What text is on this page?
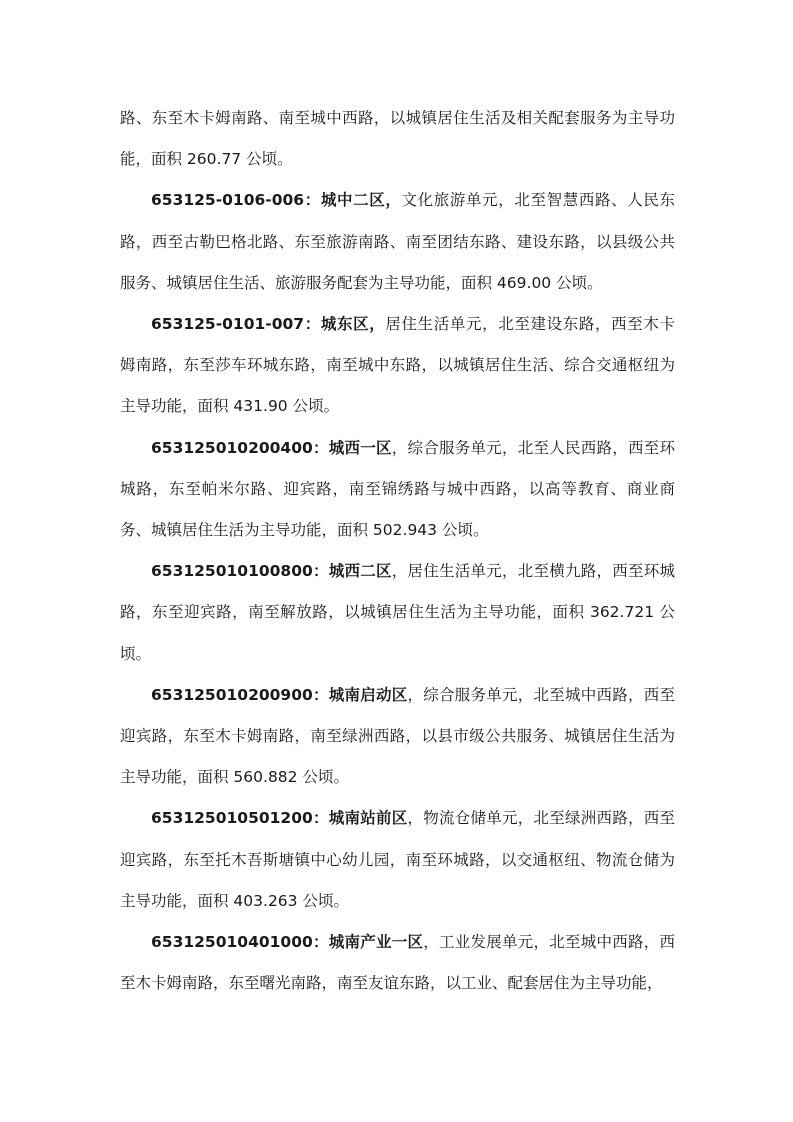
路、东至木卡姆南路、南至城中西路，以城镇居住生活及相关配套服务为主导功能，面积 260.77 公顷。

653125-0106-006：城中二区，文化旅游单元，北至智慧西路、人民东路，西至古勒巴格北路、东至旅游南路、南至团结东路、建设东路，以县级公共服务、城镇居住生活、旅游服务配套为主导功能，面积 469.00 公顷。

653125-0101-007：城东区，居住生活单元，北至建设东路，西至木卡姆南路，东至莎车环城东路，南至城中东路，以城镇居住生活、综合交通枢纽为主导功能，面积 431.90 公顷。

653125010200400：城西一区，综合服务单元，北至人民西路，西至环城路，东至帕米尔路、迎宾路，南至锦绣路与城中西路，以高等教育、商业商务、城镇居住生活为主导功能，面积 502.943 公顷。

653125010100800：城西二区，居住生活单元，北至横九路，西至环城路，东至迎宾路，南至解放路，以城镇居住生活为主导功能，面积 362.721 公顷。

653125010200900：城南启动区，综合服务单元，北至城中西路，西至迎宾路，东至木卡姆南路，南至绿洲西路，以县市级公共服务、城镇居住生活为主导功能，面积 560.882 公顷。

653125010501200：城南站前区，物流仓储单元，北至绿洲西路，西至迎宾路，东至托木吾斯塘镇中心幼儿园，南至环城路，以交通枢纽、物流仓储为主导功能，面积 403.263 公顷。

653125010401000：城南产业一区，工业发展单元，北至城中西路，西至木卡姆南路，东至曙光南路，南至友谊东路，以工业、配套居住为主导功能，
